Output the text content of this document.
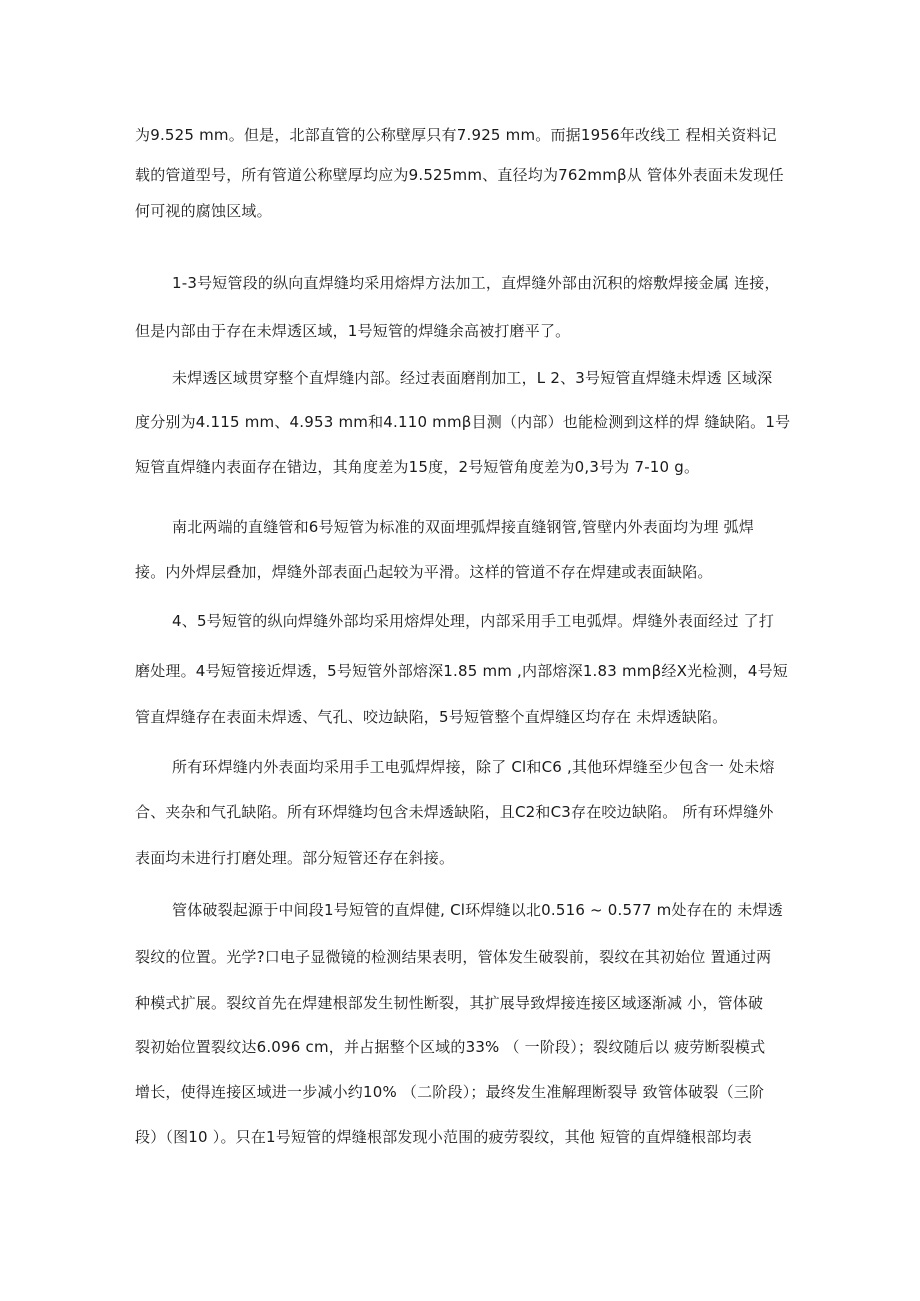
为9.525 mm。但是，北部直管的公称壁厚只有7.925 mm。而据1956年改线工 程相关资料记
载的管道型号，所有管道公称壁厚均应为9.525mm、直径均为762mmβ从 管体外表面未发现任
何可视的腐蚀区域。
1-3号短管段的纵向直焊缝均采用熔焊方法加工，直焊缝外部由沉积的熔敷焊接金属 连接，
但是内部由于存在未焊透区域，1号短管的焊缝余高被打磨平了。
未焊透区域贯穿整个直焊缝内部。经过表面磨削加工，L 2、3号短管直焊缝未焊透 区域深
度分别为4.115 mm、4.953 mm和4.110 mmβ目测（内部）也能检测到这样的焊 缝缺陷。1号
短管直焊缝内表面存在错边，其角度差为15度，2号短管角度差为0,3号为 7-10 g。
南北两端的直缝管和6号短管为标准的双面埋弧焊接直缝钢管,管壁内外表面均为埋 弧焊
接。内外焊层叠加，焊缝外部表面凸起较为平滑。这样的管道不存在焊建或表面缺陷。
4、5号短管的纵向焊缝外部均采用熔焊处理，内部采用手工电弧焊。焊缝外表面经过 了打
磨处理。4号短管接近焊透，5号短管外部熔深1.85 mm ,内部熔深1.83 mmβ经X光检测，4号短
管直焊缝存在表面未焊透、气孔、咬边缺陷，5号短管整个直焊缝区均存在 未焊透缺陷。
所有环焊缝内外表面均采用手工电弧焊焊接，除了 Cl和C6 ,其他环焊缝至少包含一 处未熔
合、夹杂和气孔缺陷。所有环焊缝均包含未焊透缺陷，且C2和C3存在咬边缺陷。 所有环焊缝外
表面均未进行打磨处理。部分短管还存在斜接。
管体破裂起源于中间段1号短管的直焊健, Cl环焊缝以北0.516 ~ 0.577 m处存在的 未焊透
裂纹的位置。光学?口电子显微镜的检测结果表明，管体发生破裂前，裂纹在其初始位 置通过两
种模式扩展。裂纹首先在焊建根部发生韧性断裂，其扩展导致焊接连接区域逐渐减 小，管体破
裂初始位置裂纹达6.096 cm，并占据整个区域的33% （ 一阶段）；裂纹随后以 疲劳断裂模式
增长，使得连接区域进一步减小约10% （二阶段）；最终发生准解理断裂导 致管体破裂（三阶
段）（图10 ）。只在1号短管的焊缝根部发现小范围的疲劳裂纹，其他 短管的直焊缝根部均表
